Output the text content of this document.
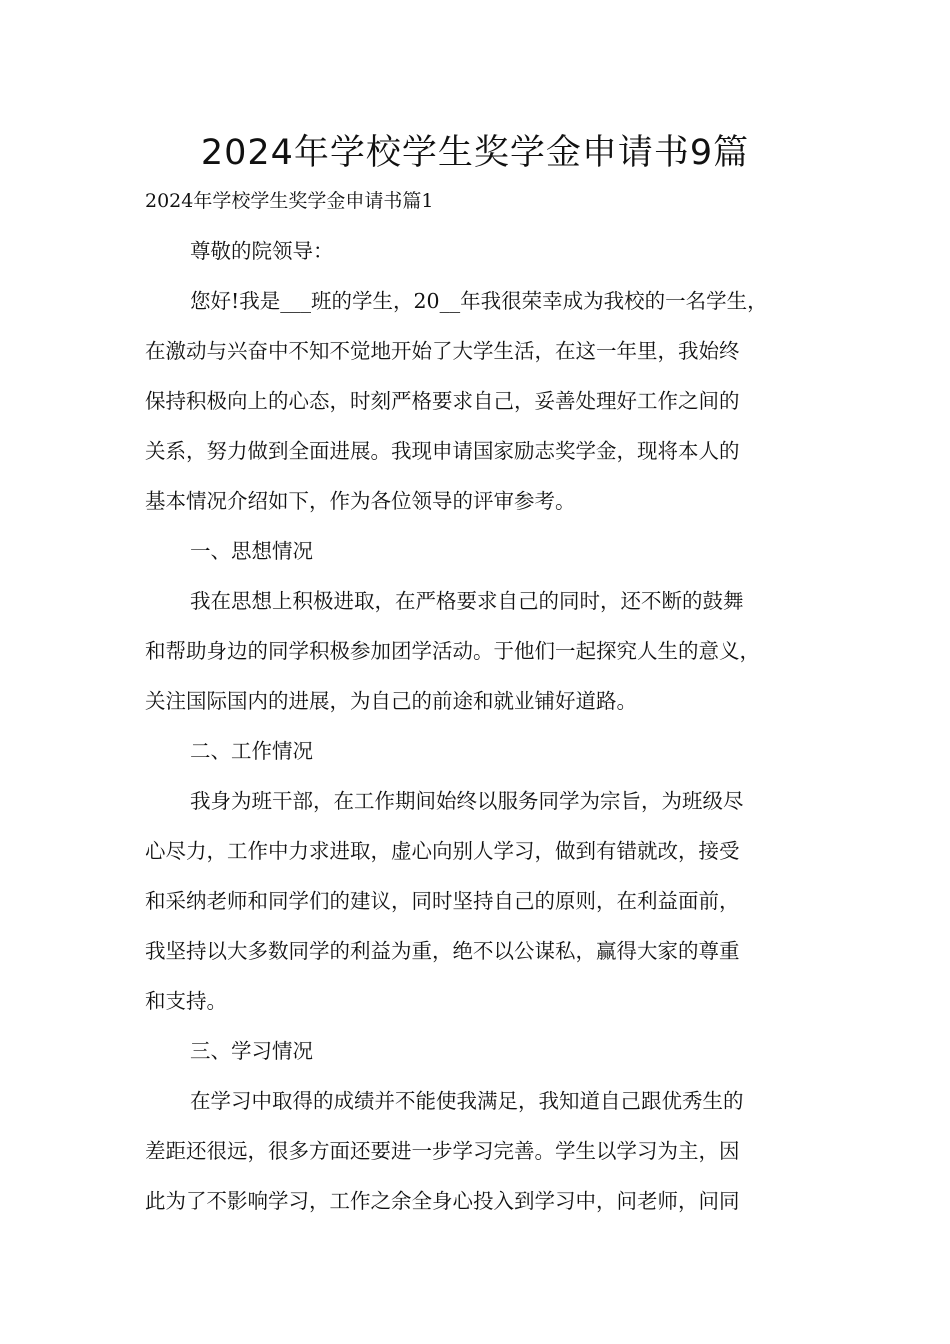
2024年学校学生奖学金申请书9篇

2024年学校学生奖学金申请书篇1

尊敬的院领导：
您好!我是___班的学生，20__年我很荣幸成为我校的一名学生，
在激动与兴奋中不知不觉地开始了大学生活，在这一年里，我始终
保持积极向上的心态，时刻严格要求自己，妥善处理好工作之间的
关系，努力做到全面进展。我现申请国家励志奖学金，现将本人的
基本情况介绍如下，作为各位领导的评审参考。
一、思想情况
我在思想上积极进取，在严格要求自己的同时，还不断的鼓舞
和帮助身边的同学积极参加团学活动。于他们一起探究人生的意义，
关注国际国内的进展，为自己的前途和就业铺好道路。
二、工作情况
我身为班干部，在工作期间始终以服务同学为宗旨，为班级尽
心尽力，工作中力求进取，虚心向别人学习，做到有错就改，接受
和采纳老师和同学们的建议，同时坚持自己的原则，在利益面前，
我坚持以大多数同学的利益为重，绝不以公谋私，赢得大家的尊重
和支持。
三、学习情况
在学习中取得的成绩并不能使我满足，我知道自己跟优秀生的
差距还很远，很多方面还要进一步学习完善。学生以学习为主，因
此为了不影响学习，工作之余全身心投入到学习中，问老师，问同
